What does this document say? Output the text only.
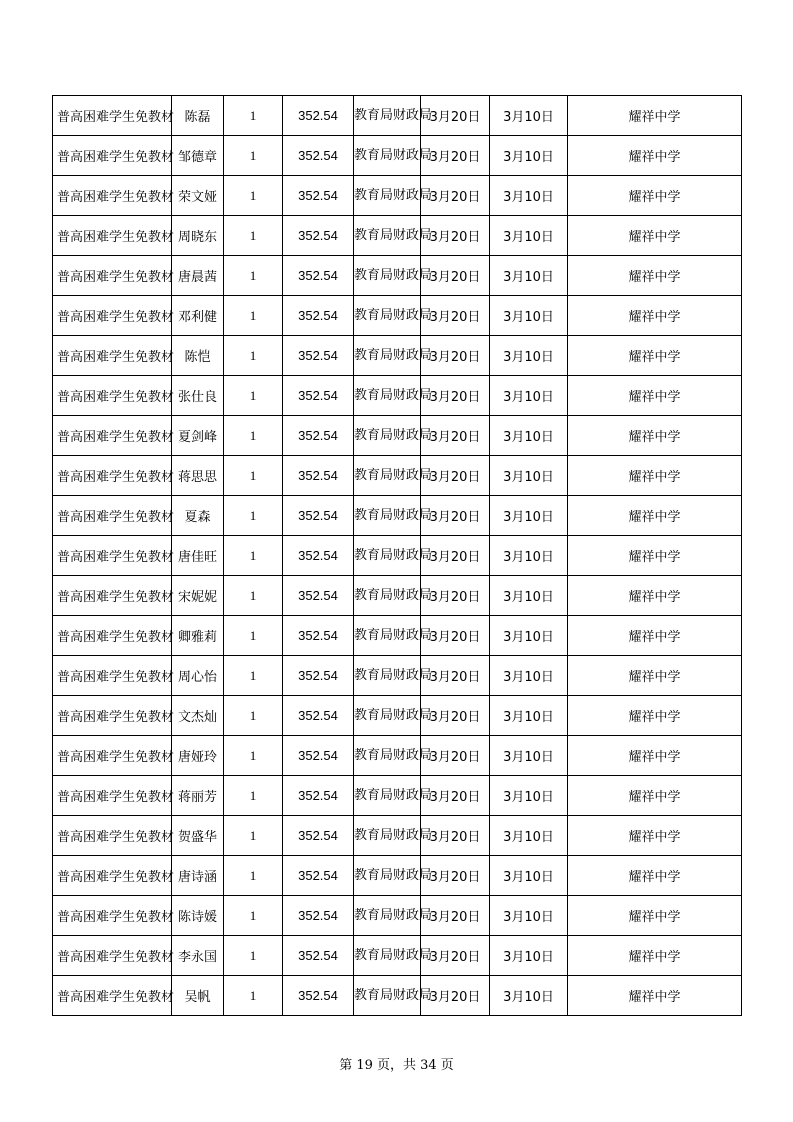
普高困难学生免教材	陈磊	1	352.54	教育局财政局	3月20日	3月10日	耀祥中学
普高困难学生免教材	邹德章	1	352.54	教育局财政局	3月20日	3月10日	耀祥中学
普高困难学生免教材	荣文娅	1	352.54	教育局财政局	3月20日	3月10日	耀祥中学
普高困难学生免教材	周晓东	1	352.54	教育局财政局	3月20日	3月10日	耀祥中学
普高困难学生免教材	唐晨茜	1	352.54	教育局财政局	3月20日	3月10日	耀祥中学
普高困难学生免教材	邓利健	1	352.54	教育局财政局	3月20日	3月10日	耀祥中学
普高困难学生免教材	陈恺	1	352.54	教育局财政局	3月20日	3月10日	耀祥中学
普高困难学生免教材	张仕良	1	352.54	教育局财政局	3月20日	3月10日	耀祥中学
普高困难学生免教材	夏剑峰	1	352.54	教育局财政局	3月20日	3月10日	耀祥中学
普高困难学生免教材	蒋思思	1	352.54	教育局财政局	3月20日	3月10日	耀祥中学
普高困难学生免教材	夏森	1	352.54	教育局财政局	3月20日	3月10日	耀祥中学
普高困难学生免教材	唐佳旺	1	352.54	教育局财政局	3月20日	3月10日	耀祥中学
普高困难学生免教材	宋妮妮	1	352.54	教育局财政局	3月20日	3月10日	耀祥中学
普高困难学生免教材	卿雅莉	1	352.54	教育局财政局	3月20日	3月10日	耀祥中学
普高困难学生免教材	周心怡	1	352.54	教育局财政局	3月20日	3月10日	耀祥中学
普高困难学生免教材	文杰灿	1	352.54	教育局财政局	3月20日	3月10日	耀祥中学
普高困难学生免教材	唐娅玲	1	352.54	教育局财政局	3月20日	3月10日	耀祥中学
普高困难学生免教材	蒋丽芳	1	352.54	教育局财政局	3月20日	3月10日	耀祥中学
普高困难学生免教材	贺盛华	1	352.54	教育局财政局	3月20日	3月10日	耀祥中学
普高困难学生免教材	唐诗涵	1	352.54	教育局财政局	3月20日	3月10日	耀祥中学
普高困难学生免教材	陈诗媛	1	352.54	教育局财政局	3月20日	3月10日	耀祥中学
普高困难学生免教材	李永国	1	352.54	教育局财政局	3月20日	3月10日	耀祥中学
普高困难学生免教材	吴帆	1	352.54	教育局财政局	3月20日	3月10日	耀祥中学
第 19 页，共 34 页
